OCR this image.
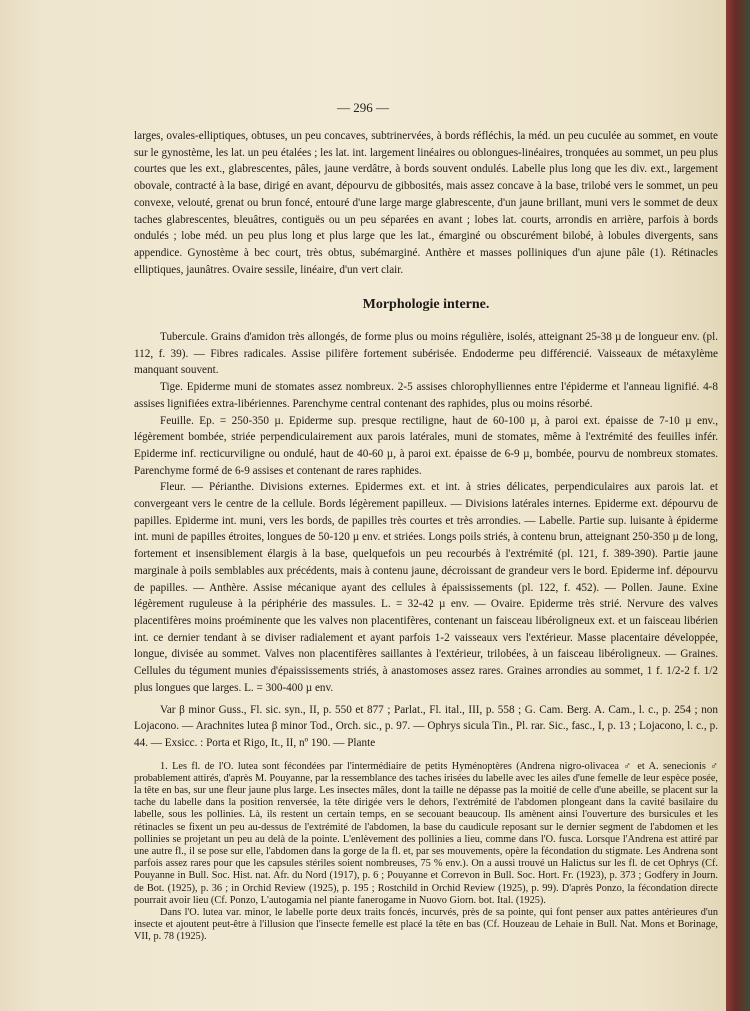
— 296 —

larges, ovales-elliptiques, obtuses, un peu concaves, subtrinervées, à bords réfléchis, la méd. un peu cuculée au sommet, en voute sur le gynostème, les lat. un peu étalées ; les lat. int. largement linéaires ou oblongues-linéaires, tronquées au sommet, un peu plus courtes que les ext., glabrescentes, pâles, jaune verdâtre, à bords souvent ondulés. Labelle plus long que les div. ext., largement obovale, contracté à la base, dirigé en avant, dépourvu de gibbosités, mais assez concave à la base, trilobé vers le sommet, un peu convexe, velouté, grenat ou brun foncé, entouré d'une large marge glabrescente, d'un jaune brillant, muni vers le sommet de deux taches glabrescentes, bleuâtres, contiguës ou un peu séparées en avant ; lobes lat. courts, arrondis en arrière, parfois à bords ondulés ; lobe méd. un peu plus long et plus large que les lat., émarginé ou obscurément bilobé, à lobules divergents, sans appendice. Gynostème à bec court, très obtus, subémarginé. Anthère et masses polliniques d'un ajune pâle (1). Rétinacles elliptiques, jaunâtres. Ovaire sessile, linéaire, d'un vert clair.

Morphologie interne.

Tubercule. Grains d'amidon très allongés, de forme plus ou moins régulière, isolés, atteignant 25-38 µ de longueur env. (pl. 112, f. 39). — Fibres radicales. Assise pilifère fortement subérisée. Endoderme peu différencié. Vaisseaux de métaxylème manquant souvent.

Tige. Epiderme muni de stomates assez nombreux. 2-5 assises chlorophylliennes entre l'épiderme et l'anneau lignifié. 4-8 assises lignifiées extra-libériennes. Parenchyme central contenant des raphides, plus ou moins résorbé.

Feuille. Ep. = 250-350 µ. Epiderme sup. presque rectiligne, haut de 60-100 µ, à paroi ext. épaisse de 7-10 µ env., légèrement bombée, striée perpendiculairement aux parois latérales, muni de stomates, même à l'extrémité des feuilles infér. Epiderme inf. recticurviligne ou ondulé, haut de 40-60 µ, à paroi ext. épaisse de 6-9 µ, bombée, pourvu de nombreux stomates. Parenchyme formé de 6-9 assises et contenant de rares raphides.

Fleur. — Périanthe. Divisions externes. Epidermes ext. et int. à stries délicates, perpendiculaires aux parois lat. et convergeant vers le centre de la cellule. Bords légèrement papilleux. — Divisions latérales internes. Epiderme ext. dépourvu de papilles. Epiderme int. muni, vers les bords, de papilles très courtes et très arrondies. — Labelle. Partie sup. luisante à épiderme int. muni de papilles étroites, longues de 50-120 µ env. et striées. Longs poils striés, à contenu brun, atteignant 250-350 µ de long, fortement et insensiblement élargis à la base, quelquefois un peu recourbés à l'extrémité (pl. 121, f. 389-390). Partie jaune marginale à poils semblables aux précédents, mais à contenu jaune, décroissant de grandeur vers le bord. Epiderme inf. dépourvu de papilles. — Anthère. Assise mécanique ayant des cellules à épaississements (pl. 122, f. 452). — Pollen. Jaune. Exine légèrement ruguleuse à la périphérie des massules. L. = 32-42 µ env. — Ovaire. Epiderme très strié. Nervure des valves placentifères moins proéminente que les valves non placentifères, contenant un faisceau libéroligneux ext. et un faisceau libérien int. ce dernier tendant à se diviser radialement et ayant parfois 1-2 vaisseaux vers l'extérieur. Masse placentaire développée, longue, divisée au sommet. Valves non placentifères saillantes à l'extérieur, trilobées, à un faisceau libéroligneux. — Graines. Cellules du tégument munies d'épaississements striés, à anastomoses assez rares. Graines arrondies au sommet, 1 f. 1/2-2 f. 1/2 plus longues que larges. L. = 300-400 µ env.

Var β minor Guss., Fl. sic. syn., II, p. 550 et 877 ; Parlat., Fl. ital., III, p. 558 ; G. Cam. Berg. A. Cam., l. c., p. 254 ; non Lojacono. — Arachnites lutea β minor Tod., Orch. sic., p. 97. — Ophrys sicula Tin., Pl. rar. Sic., fasc., I, p. 13 ; Lojacono, l. c., p. 44. — Exsicc. : Porta et Rigo, It., II, nº 190. — Plante

1. Les fl. de l'O. lutea sont fécondées par l'intermédiaire de petits Hyménoptères (Andrena nigro-olivacea ♂ et A. senecionis ♂ probablement attirés, d'après M. Pouyanne, par la ressemblance des taches irisées du labelle avec les ailes d'une femelle de leur espèce posée, la tête en bas, sur une fleur jaune plus large. Les insectes mâles, dont la taille ne dépasse pas la moitié de celle d'une abeille, se placent sur la tache du labelle dans la position renversée, la tête dirigée vers le dehors, l'extrémité de l'abdomen plongeant dans la cavité basilaire du labelle, sous les pollinies. Là, ils restent un certain temps, en se secouant beaucoup. Ils amènent ainsi l'ouverture des bursicules et les rétinacles se fixent un peu au-dessus de l'extrémité de l'abdomen, la base du caudicule reposant sur le dernier segment de l'abdomen et les pollinies se projetant un peu au delà de la pointe. L'enlèvement des pollinies a lieu, comme dans l'O. fusca. Lorsque l'Andrena est attiré par une autre fl., il se pose sur elle, l'abdomen dans la gorge de la fl. et, par ses mouvements, opère la fécondation du stigmate. Les Andrena sont parfois assez rares pour que les capsules stériles soient nombreuses, 75 % env.). On a aussi trouvé un Halictus sur les fl. de cet Ophrys (Cf. Pouyanne in Bull. Soc. Hist. nat. Afr. du Nord (1917), p. 6 ; Pouyanne et Correvon in Bull. Soc. Hort. Fr. (1923), p. 373 ; Godfery in Journ. de Bot. (1925), p. 36 ; in Orchid Review (1925), p. 195 ; Rostchild in Orchid Review (1925), p. 99). D'après Ponzo, la fécondation directe pourrait avoir lieu (Cf. Ponzo, L'autogamia nel piante fanerogame in Nuovo Giorn. bot. Ital. (1925).

Dans l'O. lutea var. minor, le labelle porte deux traits foncés, incurvés, près de sa pointe, qui font penser aux pattes antérieures d'un insecte et ajoutent peut-être à l'illusion que l'insecte femelle est placé la tête en bas (Cf. Houzeau de Lehaie in Bull. Nat. Mons et Borinage, VII, p. 78 (1925).
